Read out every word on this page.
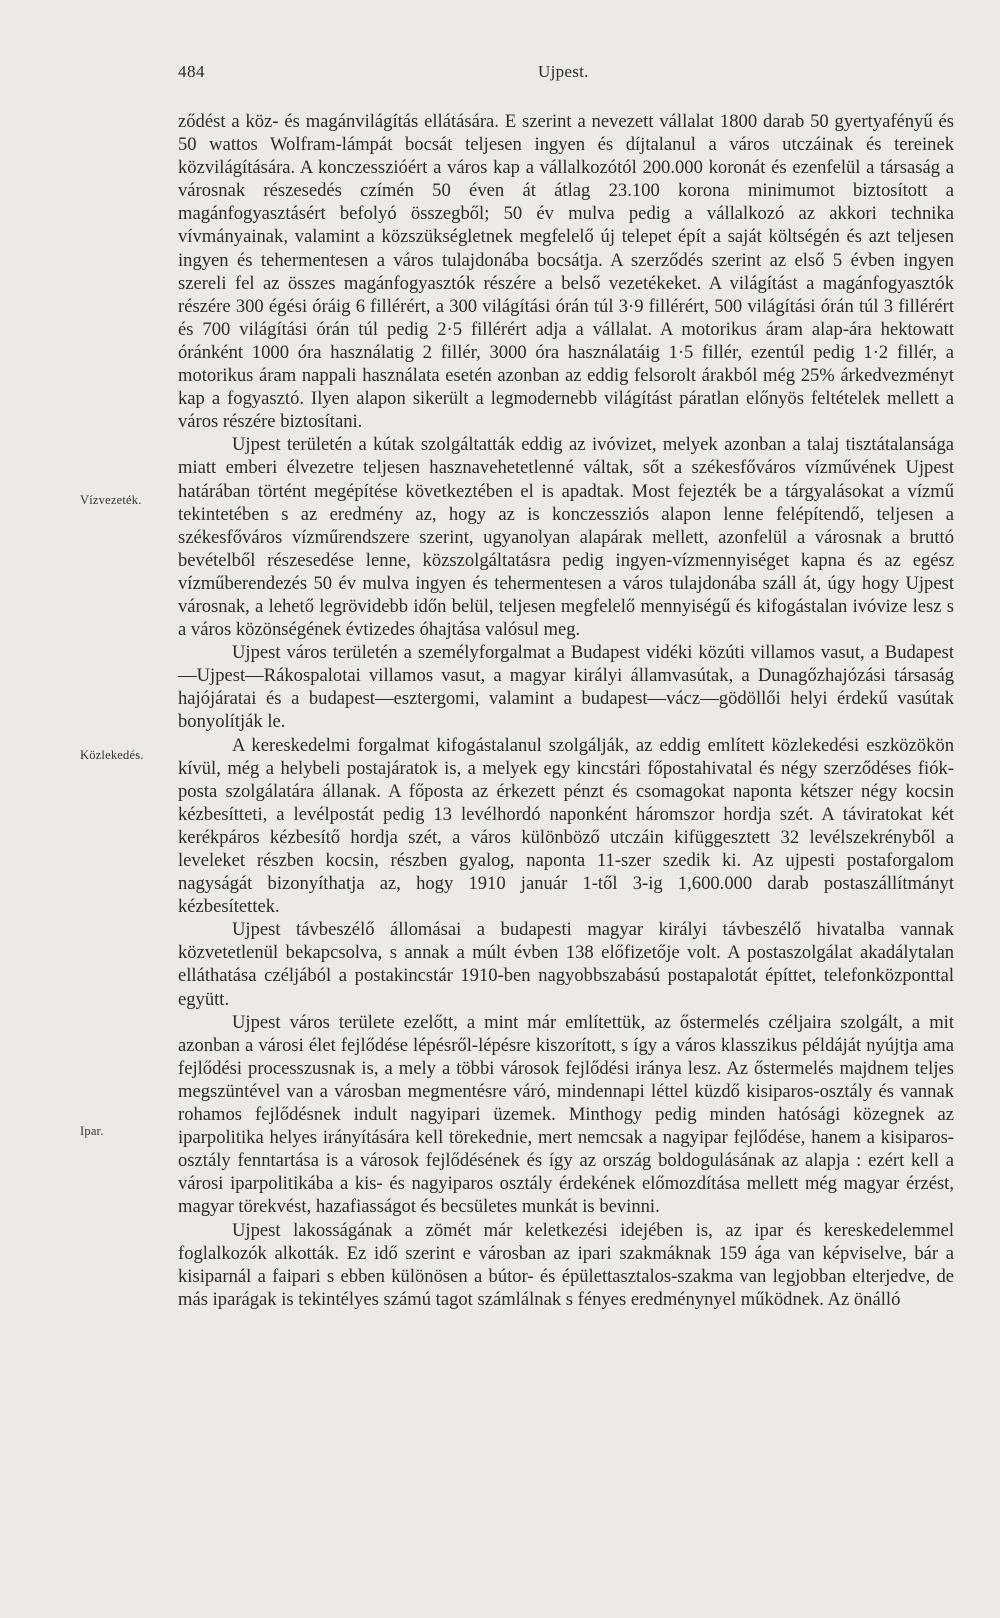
484	Ujpest.
Vízvezeték.
Közlekedés.
Ipar.

ződést a köz- és magánvilágítás ellátására. E szerint a nevezett vállalat 1800 darab 50 gyertyafényű és 50 wattos Wolfram-lámpát bocsát teljesen ingyen és díjtalanul a város utczáinak és tereinek közvilágítására. A konczesszióért a város kap a vállalkozótól 200.000 koronát és ezenfelül a társaság a városnak részesedés czímén 50 éven át átlag 23.100 korona minimumot biztosított a magánfogyasztásért befolyó összegből; 50 év mulva pedig a vállalkozó az akkori technika vívmányainak, valamint a közszükségletnek megfelelő új telepet épít a saját költségén és azt teljesen ingyen és tehermentesen a város tulajdonába bocsátja. A szerződés szerint az első 5 évben ingyen szereli fel az összes magánfogyasztók részére a belső vezetékeket. A világítást a magánfogyasztók részére 300 égési óráig 6 fillérért, a 300 világítási órán túl 3·9 fillérért, 500 világítási órán túl 3 fillérért és 700 világítási órán túl pedig 2·5 fillérért adja a vállalat. A motorikus áram alap-ára hektowatt óránként 1000 óra használatig 2 fillér, 3000 óra használatáig 1·5 fillér, ezentúl pedig 1·2 fillér, a motorikus áram nappali használata esetén azonban az eddig felsorolt árakból még 25% árkedvezményt kap a fogyasztó. Ilyen alapon sikerült a legmodernebb világítást páratlan előnyös feltételek mellett a város részére biztosítani.

Ujpest területén a kútak szolgáltatták eddig az ivóvizet, melyek azonban a talaj tisztátalansága miatt emberi élvezetre teljesen hasznavehetetlenné váltak, sőt a székesfőváros vízművének Ujpest határában történt megépítése következtében el is apadtak. Most fejezték be a tárgyalásokat a vízmű tekintetében s az eredmény az, hogy az is konczessziós alapon lenne felépítendő, teljesen a székesfőváros vízműrendszere szerint, ugyanolyan alapárak mellett, azonfelül a városnak a bruttó bevételből részesedése lenne, közszolgáltatásra pedig ingyen-vízmennyiséget kapna és az egész vízműberendezés 50 év mulva ingyen és tehermentesen a város tulajdonába száll át, úgy hogy Ujpest városnak, a lehető legrövidebb időn belül, teljesen megfelelő mennyiségű és kifogástalan ivóvize lesz s a város közönségének évtizedes óhajtása valósul meg.

Ujpest város területén a személyforgalmat a Budapest vidéki közúti villamos vasut, a Budapest—Ujpest—Rákospalotai villamos vasut, a magyar királyi államvasútak, a Dunagőzhajózási társaság hajójáratai és a budapest—esztergomi, valamint a budapest—vácz—gödöllői helyi érdekű vasútak bonyolítják le.

A kereskedelmi forgalmat kifogástalanul szolgálják, az eddig említett közlekedési eszközökön kívül, még a helybeli postajáratok is, a melyek egy kincstári főpostahivatal és négy szerződéses fiók-posta szolgálatára állanak. A főposta az érkezett pénzt és csomagokat naponta kétszer négy kocsin kézbesítteti, a levélpostát pedig 13 levélhordó naponként háromszor hordja szét. A táviratokat két kerékpáros kézbesítő hordja szét, a város különböző utczáin kifüggesztett 32 levélszekrényből a leveleket részben kocsin, részben gyalog, naponta 11-szer szedik ki. Az ujpesti postaforgalom nagyságát bizonyíthatja az, hogy 1910 január 1-től 3-ig 1,600.000 darab postaszállítmányt kézbesítettek.

Ujpest távbeszélő állomásai a budapesti magyar királyi távbeszélő hivatalba vannak közvetetlenül bekapcsolva, s annak a múlt évben 138 előfizetője volt. A postaszolgálat akadálytalan elláthatása czéljából a postakincstár 1910-ben nagyobbszabású postapalotát építtet, telefonközponttal együtt.

Ujpest város területe ezelőtt, a mint már említettük, az őstermelés czéljaira szolgált, a mit azonban a városi élet fejlődése lépésről-lépésre kiszorított, s így a város klasszikus példáját nyújtja ama fejlődési processzusnak is, a mely a többi városok fejlődési iránya lesz. Az őstermelés majdnem teljes megszüntével van a városban megmentésre váró, mindennapi léttel küzdő kisiparos-osztály és vannak rohamos fejlődésnek indult nagyipari üzemek. Minthogy pedig minden hatósági közegnek az iparpolitika helyes irányítására kell törekednie, mert nemcsak a nagyipar fejlődése, hanem a kisiparos-osztály fenntartása is a városok fejlődésének és így az ország boldogulásának az alapja : ezért kell a városi iparpolitikába a kis- és nagyiparos osztály érdekének előmozdítása mellett még magyar érzést, magyar törekvést, hazafiasságot és becsületes munkát is bevinni.

Ujpest lakosságának a zömét már keletkezési idejében is, az ipar és kereskedelemmel foglalkozók alkották. Ez idő szerint e városban az ipari szakmáknak 159 ága van képviselve, bár a kisiparnál a faipari s ebben különösen a bútor- és épülettasztalos-szakma van legjobban elterjedve, de más iparágak is tekintélyes számú tagot számlálnak s fényes eredménynyel működnek. Az önálló
